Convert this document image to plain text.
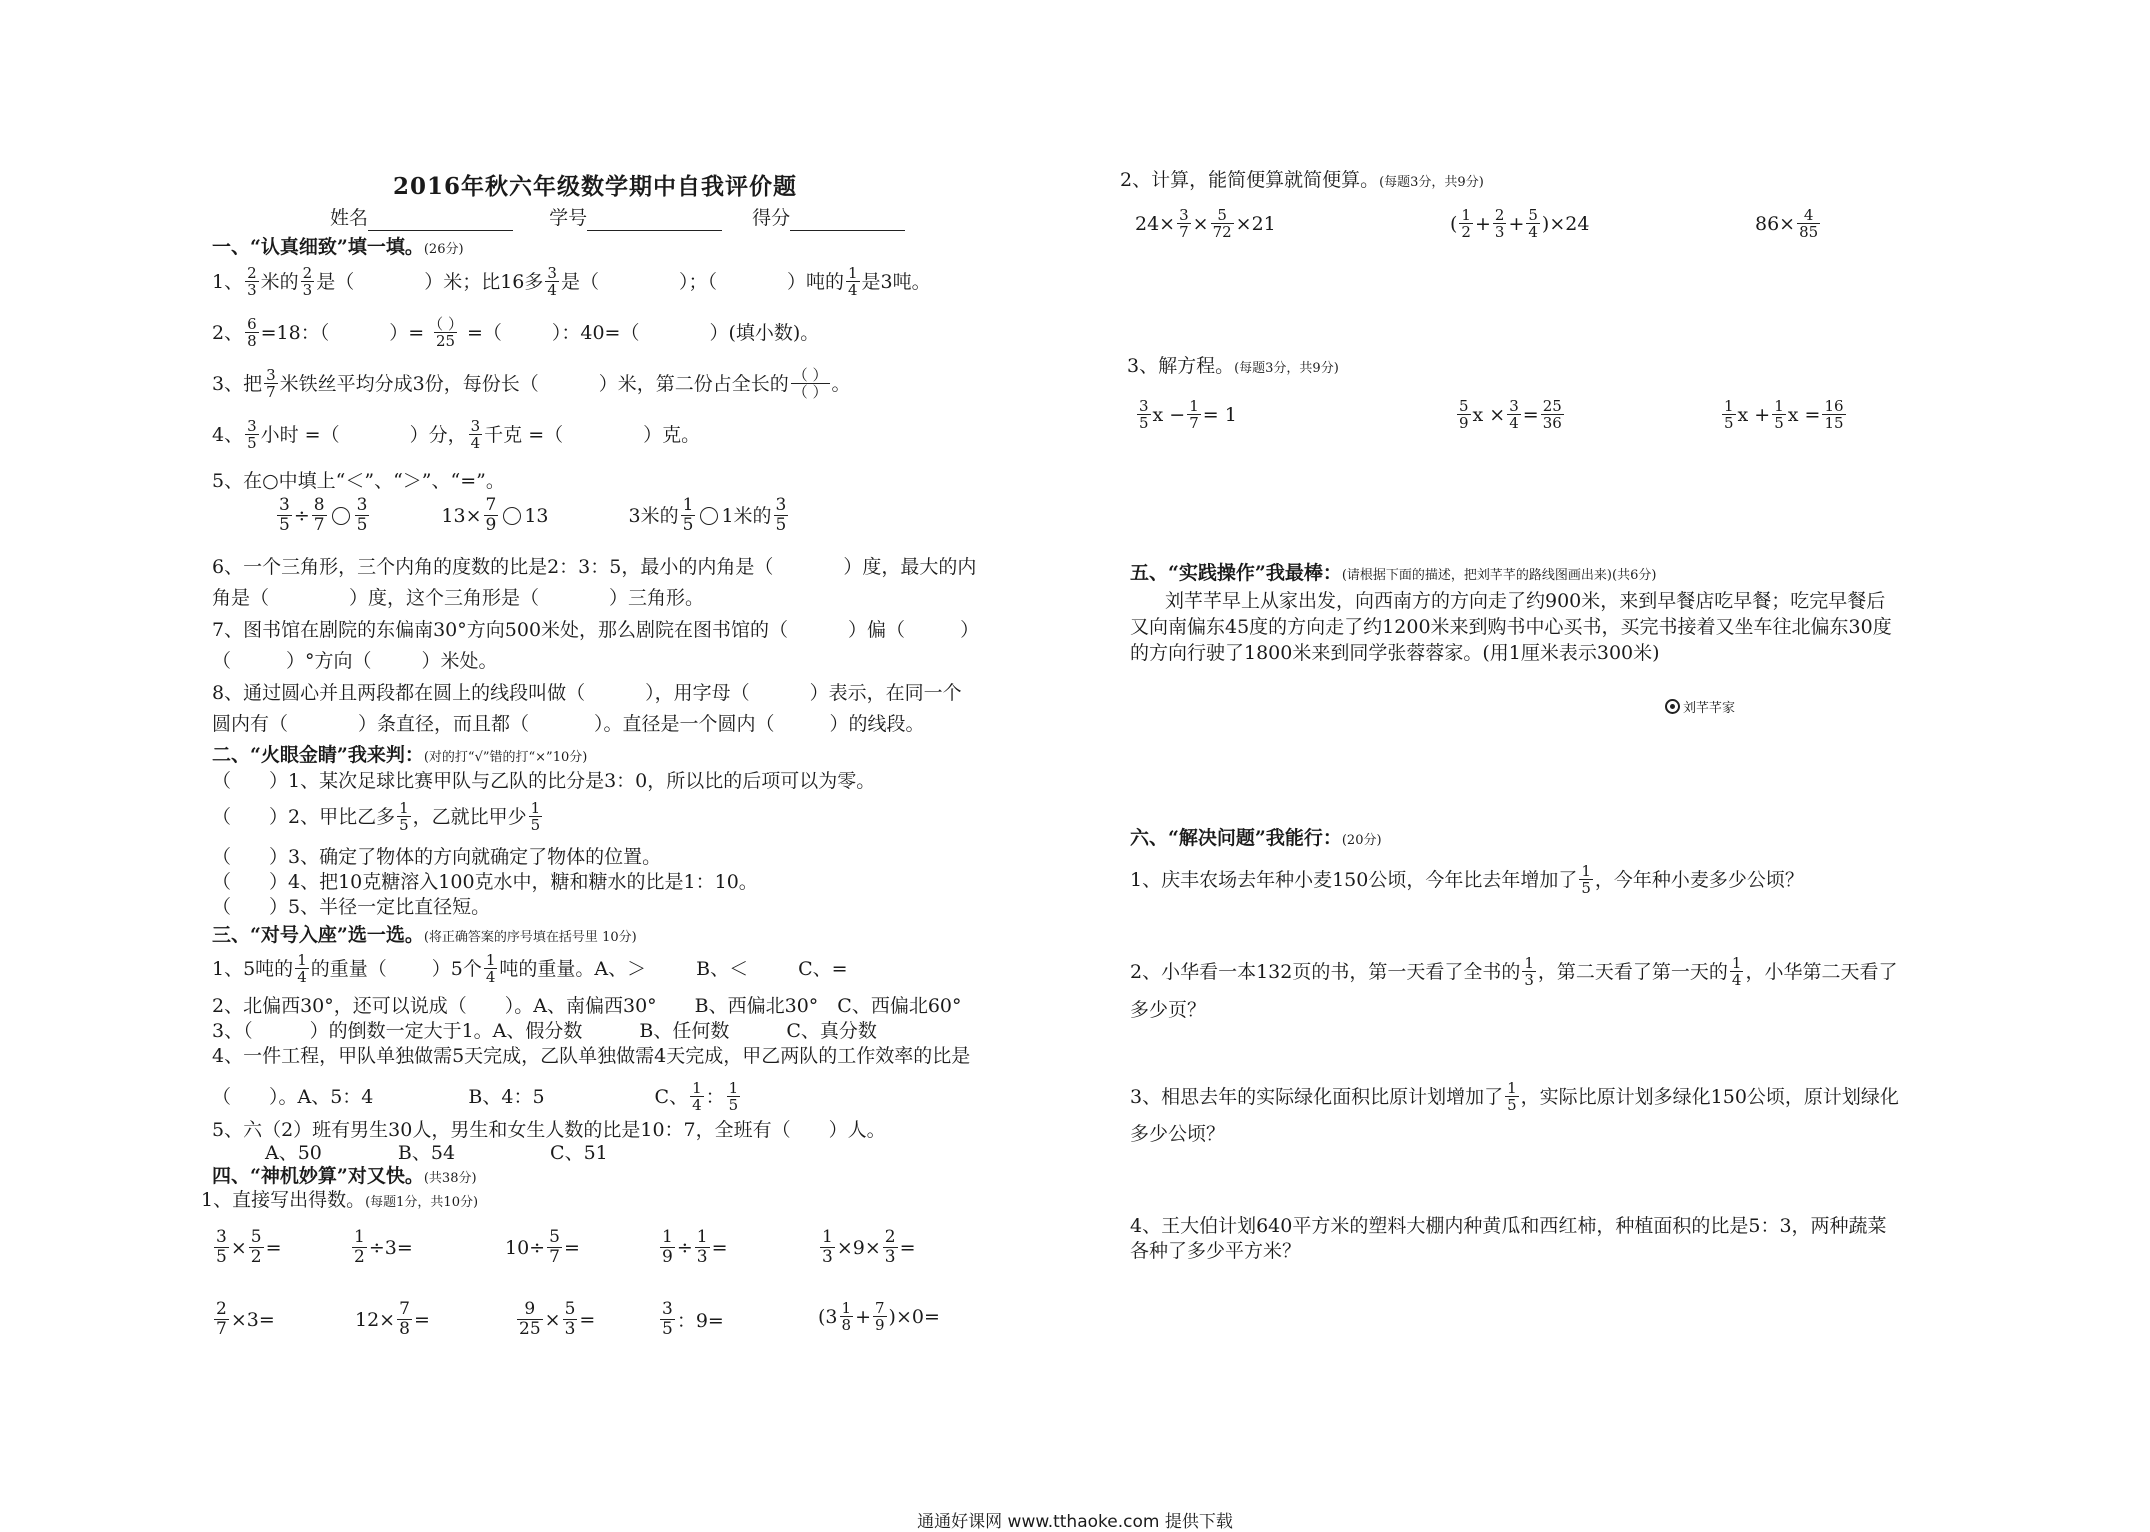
2016年秋六年级数学期中自我评价题
姓名	学号	得分
一、“认真细致”填一填。(26分)
1、 $\frac{2}{3}$ 米的 $\frac{2}{3}$ 是（	）米；比16多 $\frac{3}{4}$ 是（	）；（	）吨的 $\frac{1}{4}$ 是3吨。
2、 $\frac{6}{8} =18$：（	）= $\frac{( )}{25}$ =（	）：40=（	）(填小数)。
3、把 $\frac{3}{7}$ 米铁丝平均分成3份，每份长（	）米，第二份占全长的 $\frac{( )}{( )}$ 。
4、 $\frac{3}{5}$ 小时 =（	）分， $\frac{3}{4}$ 千克 =（	）克。
5、在○中填上“＜”、“＞”、“=”。
$\frac{3}{5} \div \frac{8}{7} \frac{3}{5}$	$13\times \frac{7}{9} 13$	3米的 $\frac{1}{5} 1$米的 $\frac{3}{5}$
6、一个三角形，三个内角的度数的比是2：3：5，最小的内角是（	）度，最大的内
角是（	）度，这个三角形是（	）三角形。
7、图书馆在剧院的东偏南30°方向500米处，那么剧院在图书馆的（	）偏（	）
（	）°方向（	）米处。
8、通过圆心并且两段都在圆上的线段叫做（	），用字母（	）表示，在同一个
圆内有（	）条直径，而且都（	）。直径是一个圆内（	）的线段。
二、“火眼金睛”我来判：(对的打“√”错的打“×”10分)
（　　）1、某次足球比赛甲队与乙队的比分是3：0，所以比的后项可以为零。
（　　）2、甲比乙多 $\frac{1}{5}$ ，乙就比甲少 $\frac{1}{5}$
（　　）3、确定了物体的方向就确定了物体的位置。
（　　）4、把10克糖溶入100克水中，糖和糖水的比是1：10。
（　　）5、半径一定比直径短。
三、“对号入座”选一选。(将正确答案的序号填在括号里 10分)
1、5吨的 $\frac{1}{4}$ 的重量（ ）5个 $\frac{1}{4}$ 吨的重量。A、＞	B、＜	C、=
2、北偏西30°，还可以说成（　　）。A、南偏西30°　　B、西偏北30°　C、西偏北60°
3、（　　　）的倒数一定大于1。A、假分数　　　B、任何数　　　C、真分数
4、一件工程，甲队单独做需5天完成，乙队单独做需4天完成，甲乙两队的工作效率的比是
（　　）。A、5：4	B、4：5	C、 $\frac{1}{4}$ ： $\frac{1}{5}$
5、六（2）班有男生30人，男生和女生人数的比是10：7，全班有（　　）人。
A、50　　　　B、54　　　　　C、51
四、“神机妙算”对又快。(共38分)
1、直接写出得数。(每题1分，共10分)
$\frac{3}{5} \times \frac{5}{2}$ =	$\frac{1}{2} \div 3=$	$10\div \frac{5}{7}$ =	$\frac{1}{9} \div \frac{1}{3}$ =	$\frac{1}{3} \times 9\times \frac{2}{3}$ =
$\frac{2}{7} \times 3=$	$12\times \frac{7}{8}$ =	$\frac{9}{25} \times \frac{5}{3}$ =	$\frac{3}{5}$ ：9=	$(3 \frac{1}{8} + \frac{7}{9} )\times 0=$
2、计算，能简便算就简便算。(每题3分，共9分)
$24\times \frac{3}{7} \times \frac{5}{72} \times 21$	( $\frac{1}{2} + \frac{2}{3} + \frac{5}{4} )\times 24$	$86\times \frac{4}{85}$
3、解方程。(每题3分，共9分)
$\frac{3}{5}$ $x - \frac{1}{7} = 1$	$\frac{5}{9}$ $x \times \frac{3}{4} = \frac{25}{36}$	$\frac{1}{5}$ $x + \frac{1}{5}$ $x = \frac{16}{15}$
五、“实践操作”我最棒：(请根据下面的描述，把刘芊芊的路线图画出来)(共6分)
刘芊芊早上从家出发，向西南方的方向走了约900米，来到早餐店吃早餐；吃完早餐后
又向南偏东45度的方向走了约1200米来到购书中心买书，买完书接着又坐车往北偏东30度
的方向行驶了1800米来到同学张蓉蓉家。(用1厘米表示300米)
刘芊芊家
六、“解决问题”我能行：(20分)
1、庆丰农场去年种小麦150公顷，今年比去年增加了 $\frac{1}{5}$ ，今年种小麦多少公顷？
2、小华看一本132页的书，第一天看了全书的 $\frac{1}{3}$ ，第二天看了第一天的 $\frac{1}{4}$ ，小华第二天看了
多少页？
3、相思去年的实际绿化面积比原计划增加了 $\frac{1}{5}$ ，实际比原计划多绿化150公顷，原计划绿化
多少公顷？
4、王大伯计划640平方米的塑料大棚内种黄瓜和西红柿，种植面积的比是5：3，两种蔬菜
各种了多少平方米？
通通好课网 www.tthaoke.com 提供下载
